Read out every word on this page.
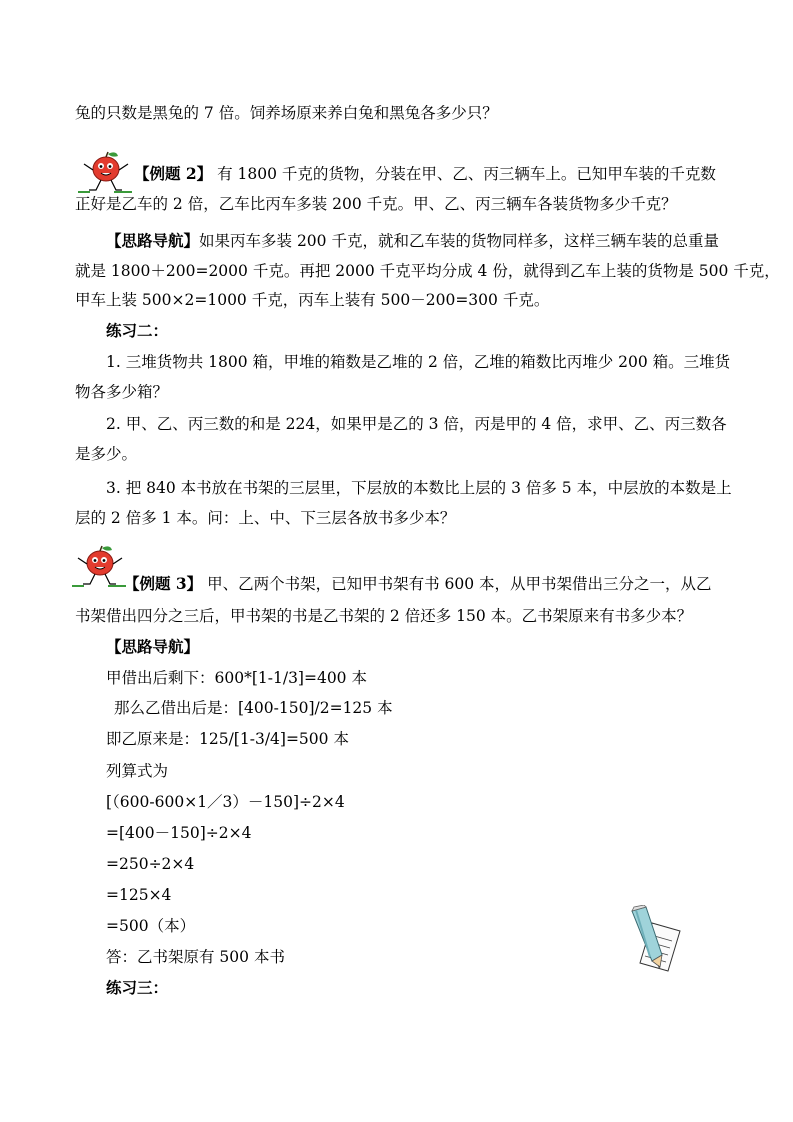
兔的只数是黑兔的 7 倍。饲养场原来养白兔和黑兔各多少只？
【例题 2】 有 1800 千克的货物，分装在甲、乙、丙三辆车上。已知甲车装的千克数
正好是乙车的 2 倍，乙车比丙车多装 200 千克。甲、乙、丙三辆车各装货物多少千克？
【思路导航】如果丙车多装 200 千克，就和乙车装的货物同样多，这样三辆车装的总重量
就是 1800＋200=2000 千克。再把 2000 千克平均分成 4 份，就得到乙车上装的货物是 500 千克，
甲车上装 500×2=1000 千克，丙车上装有 500－200=300 千克。
练习二：
1. 三堆货物共 1800 箱，甲堆的箱数是乙堆的 2 倍，乙堆的箱数比丙堆少 200 箱。三堆货
物各多少箱？
2. 甲、乙、丙三数的和是 224，如果甲是乙的 3 倍，丙是甲的 4 倍，求甲、乙、丙三数各
是多少。
3. 把 840 本书放在书架的三层里，下层放的本数比上层的 3 倍多 5 本，中层放的本数是上
层的 2 倍多 1 本。问：上、中、下三层各放书多少本？
【例题 3】 甲、乙两个书架，已知甲书架有书 600 本，从甲书架借出三分之一，从乙
书架借出四分之三后，甲书架的书是乙书架的 2 倍还多 150 本。乙书架原来有书多少本？
【思路导航】
甲借出后剩下：600*[1-1/3]=400 本
那么乙借出后是：[400-150]/2=125 本
即乙原来是：125/[1-3/4]=500 本
列算式为
[（600-600×1／3）－150]÷2×4
=[400－150]÷2×4
=250÷2×4
=125×4
=500（本）
答：乙书架原有 500 本书
练习三：
